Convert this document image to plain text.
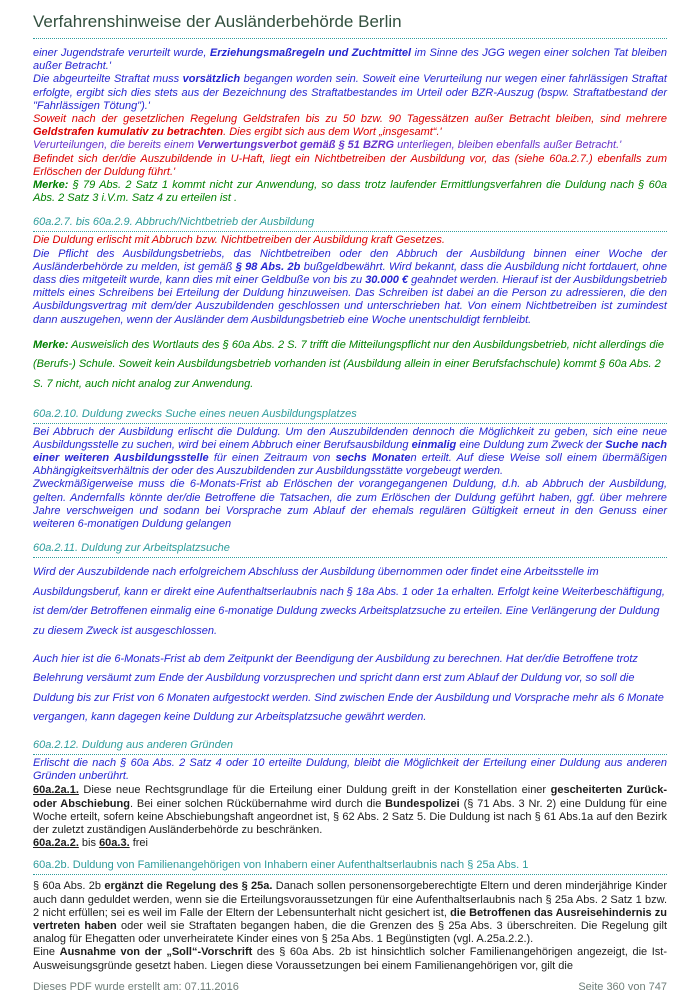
Verfahrenshinweise der Ausländerbehörde Berlin

einer Jugendstrafe verurteilt wurde, Erziehungsmaßregeln und Zuchtmittel im Sinne des JGG wegen einer solchen Tat bleiben außer Betracht.'

Die abgeurteilte Straftat muss vorsätzlich begangen worden sein. Soweit eine Verurteilung nur wegen einer fahrlässigen Straftat erfolgte, ergibt sich dies stets aus der Bezeichnung des Straftatbestandes im Urteil oder BZR-Auszug (bspw. Straftatbestand der "Fahrlässigen Tötung").'

Soweit nach der gesetzlichen Regelung Geldstrafen bis zu 50 bzw. 90 Tagessätzen außer Betracht bleiben, sind mehrere Geldstrafen kumulativ zu betrachten. Dies ergibt sich aus dem Wort „insgesamt“.'

Verurteilungen, die bereits einem Verwertungsverbot gemäß § 51 BZRG unterliegen, bleiben ebenfalls außer Betracht.'

Befindet sich der/die Auszubildende in U-Haft, liegt ein Nichtbetreiben der Ausbildung vor, das (siehe 60a.2.7.) ebenfalls zum Erlöschen der Duldung führt.'

Merke: § 79 Abs. 2 Satz 1 kommt nicht zur Anwendung, so dass trotz laufender Ermittlungsverfahren die Duldung nach § 60a Abs. 2 Satz 3 i.V.m. Satz 4 zu erteilen ist .

60a.2.7. bis 60a.2.9. Abbruch/Nichtbetrieb der Ausbildung

Die Duldung erlischt mit Abbruch bzw. Nichtbetreiben der Ausbildung kraft Gesetzes.

Die Pflicht des Ausbildungsbetriebs, das Nichtbetreiben oder den Abbruch der Ausbildung binnen einer Woche der Ausländerbehörde zu melden, ist gemäß § 98 Abs. 2b bußgeldbewährt. Wird bekannt, dass die Ausbildung nicht fortdauert, ohne dass dies mitgeteilt wurde, kann dies mit einer Geldbuße von bis zu 30.000 € geahndet werden. Hierauf ist der Ausbildungsbetrieb mittels eines Schreibens bei Erteilung der Duldung hinzuweisen. Das Schreiben ist dabei an die Person zu adressieren, die den Ausbildungsvertrag mit dem/der Auszubildenden geschlossen und unterschrieben hat. Von einem Nichtbetreiben ist zumindest dann auszugehen, wenn der Ausländer dem Ausbildungsbetrieb eine Woche unentschuldigt fernbleibt.

Merke: Ausweislich des Wortlauts des § 60a Abs. 2 S. 7 trifft die Mitteilungspflicht nur den Ausbildungsbetrieb, nicht allerdings die (Berufs-) Schule. Soweit kein Ausbildungsbetrieb vorhanden ist (Ausbildung allein in einer Berufsfachschule) kommt § 60a Abs. 2 S. 7 nicht, auch nicht analog zur Anwendung.

60a.2.10. Duldung zwecks Suche eines neuen Ausbildungsplatzes

Bei Abbruch der Ausbildung erlischt die Duldung. Um den Auszubildenden dennoch die Möglichkeit zu geben, sich eine neue Ausbildungsstelle zu suchen, wird bei einem Abbruch einer Berufsausbildung einmalig eine Duldung zum Zweck der Suche nach einer weiteren Ausbildungsstelle für einen Zeitraum von sechs Monaten erteilt. Auf diese Weise soll einem übermäßigen Abhängigkeitsverhältnis der oder des Auszubildenden zur Ausbildungsstätte vorgebeugt werden.

Zweckmäßigerweise muss die 6-Monats-Frist ab Erlöschen der vorangegangenen Duldung, d.h. ab Abbruch der Ausbildung, gelten. Andernfalls könnte der/die Betroffene die Tatsachen, die zum Erlöschen der Duldung geführt haben, ggf. über mehrere Jahre verschweigen und sodann bei Vorsprache zum Ablauf der ehemals regulären Gültigkeit erneut in den Genuss einer weiteren 6-monatigen Duldung gelangen

60a.2.11. Duldung zur Arbeitsplatzsuche

Wird der Auszubildende nach erfolgreichem Abschluss der Ausbildung übernommen oder findet eine Arbeitsstelle im Ausbildungsberuf, kann er direkt eine Aufenthaltserlaubnis nach § 18a Abs. 1 oder 1a erhalten. Erfolgt keine Weiterbeschäftigung, ist dem/der Betroffenen einmalig eine 6-monatige Duldung zwecks Arbeitsplatzsuche zu erteilen. Eine Verlängerung der Duldung zu diesem Zweck ist ausgeschlossen.

Auch hier ist die 6-Monats-Frist ab dem Zeitpunkt der Beendigung der Ausbildung zu berechnen. Hat der/die Betroffene trotz Belehrung versäumt zum Ende der Ausbildung vorzusprechen und spricht dann erst zum Ablauf der Duldung vor, so soll die Duldung bis zur Frist von 6 Monaten aufgestockt werden. Sind zwischen Ende der Ausbildung und Vorsprache mehr als 6 Monate vergangen, kann dagegen keine Duldung zur Arbeitsplatzsuche gewährt werden.

60a.2.12. Duldung aus anderen Gründen

Erlischt die nach § 60a Abs. 2 Satz 4 oder 10 erteilte Duldung, bleibt die Möglichkeit der Erteilung einer Duldung aus anderen Gründen unberührt.

60a.2a.1. Diese neue Rechtsgrundlage für die Erteilung einer Duldung greift in der Konstellation einer gescheiterten Zurück- oder Abschiebung. Bei einer solchen Rückübernahme wird durch die Bundespolizei (§ 71 Abs. 3 Nr. 2) eine Duldung für eine Woche erteilt, sofern keine Abschiebungshaft angeordnet ist, § 62 Abs. 2 Satz 5. Die Duldung ist nach § 61 Abs.1a auf den Bezirk der zuletzt zuständigen Ausländerbehörde zu beschränken.

60a.2a.2. bis 60a.3. frei

60a.2b. Duldung von Familienangehörigen von Inhabern einer Aufenthaltserlaubnis nach § 25a Abs. 1

§ 60a Abs. 2b ergänzt die Regelung des § 25a. Danach sollen personensorgeberechtigte Eltern und deren minderjährige Kinder auch dann geduldet werden, wenn sie die Erteilungsvoraussetzungen für eine Aufenthaltserlaubnis nach § 25a Abs. 2 Satz 1 bzw. 2 nicht erfüllen; sei es weil im Falle der Eltern der Lebensunterhalt nicht gesichert ist, die Betroffenen das Ausreisehindernis zu vertreten haben oder weil sie Straftaten begangen haben, die die Grenzen des § 25a Abs. 3 überschreiten. Die Regelung gilt analog für Ehegatten oder unverheiratete Kinder eines von § 25a Abs. 1 Begünstigten (vgl. A.25a.2.2.).

Eine Ausnahme von der „Soll“-Vorschrift des § 60a Abs. 2b ist hinsichtlich solcher Familienangehörigen angezeigt, die Ist- Ausweisungsgründe gesetzt haben. Liegen diese Voraussetzungen bei einem Familienangehörigen vor, gilt die

Dieses PDF wurde erstellt am: 07.11.2016	Seite 360 von 747
